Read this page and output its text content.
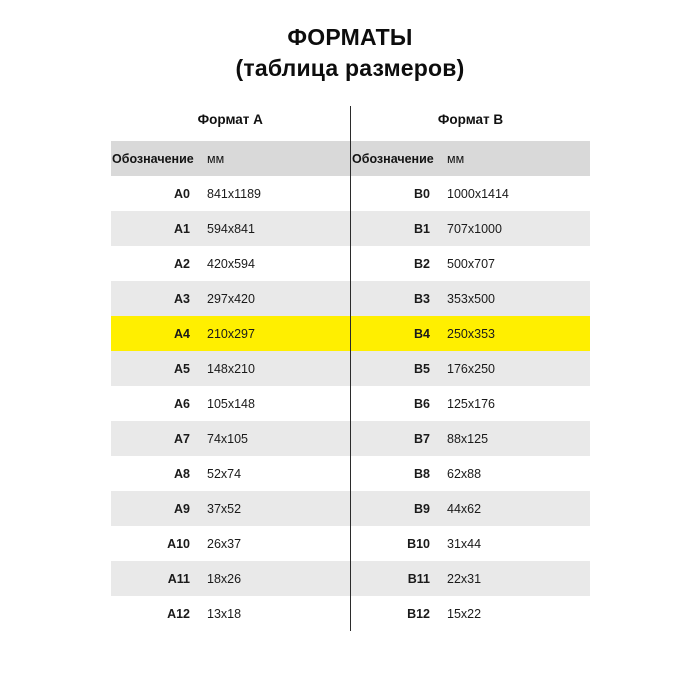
ФОРМАТЫ
(таблица размеров)
Формат A		Формат B	
Обозначение	мм		Обозначение	мм
A0	841x1189		B0	1000x1414
A1	594x841		B1	707x1000
A2	420x594		B2	500x707
A3	297x420		B3	353x500
A4	210x297		B4	250x353
A5	148x210		B5	176x250
A6	105x148		B6	125x176
A7	74x105		B7	88x125
A8	52x74		B8	62x88
A9	37x52		B9	44x62
A10	26x37		B10	31x44
A11	18x26		B11	22x31
A12	13x18		B12	15x22
